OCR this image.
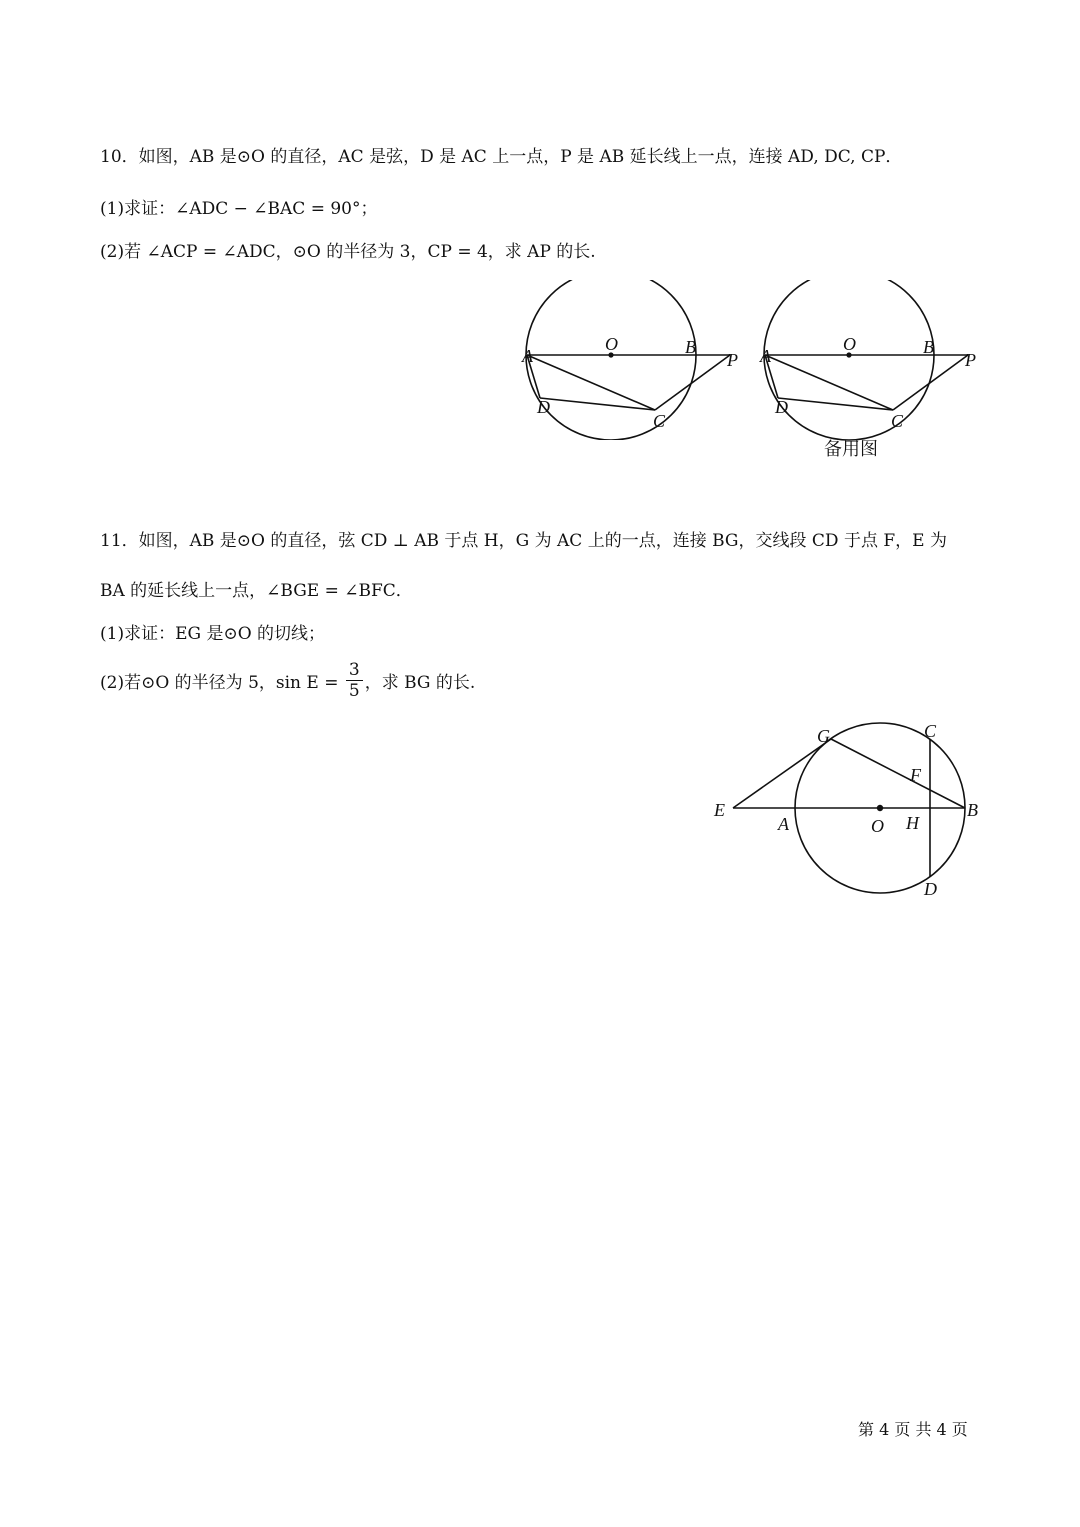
10．如图，AB 是⊙O 的直径，AC 是弦，D 是 AC 上一点，P 是 AB 延长线上一点，连接 AD, DC, CP．
(1)求证：∠ADC − ∠BAC = 90°；
(2)若 ∠ACP = ∠ADC，⊙O 的半径为 3，CP = 4，求 AP 的长.
O
A	B
P
D
C
O
A	B
P
D
C
备用图
11．如图，AB 是⊙O 的直径，弦 CD ⊥ AB 于点 H，G 为 AC 上的一点，连接 BG，交线段 CD 于点 F，E 为
BA 的延长线上一点，∠BGE = ∠BFC．
(1)求证：EG 是⊙O 的切线；
(2)若⊙O 的半径为 5，$\sin E = \frac{3}{5}$ ，求 BG 的长.
G	C
F
E
A	O H
B
D
第 4 页 共 4 页
